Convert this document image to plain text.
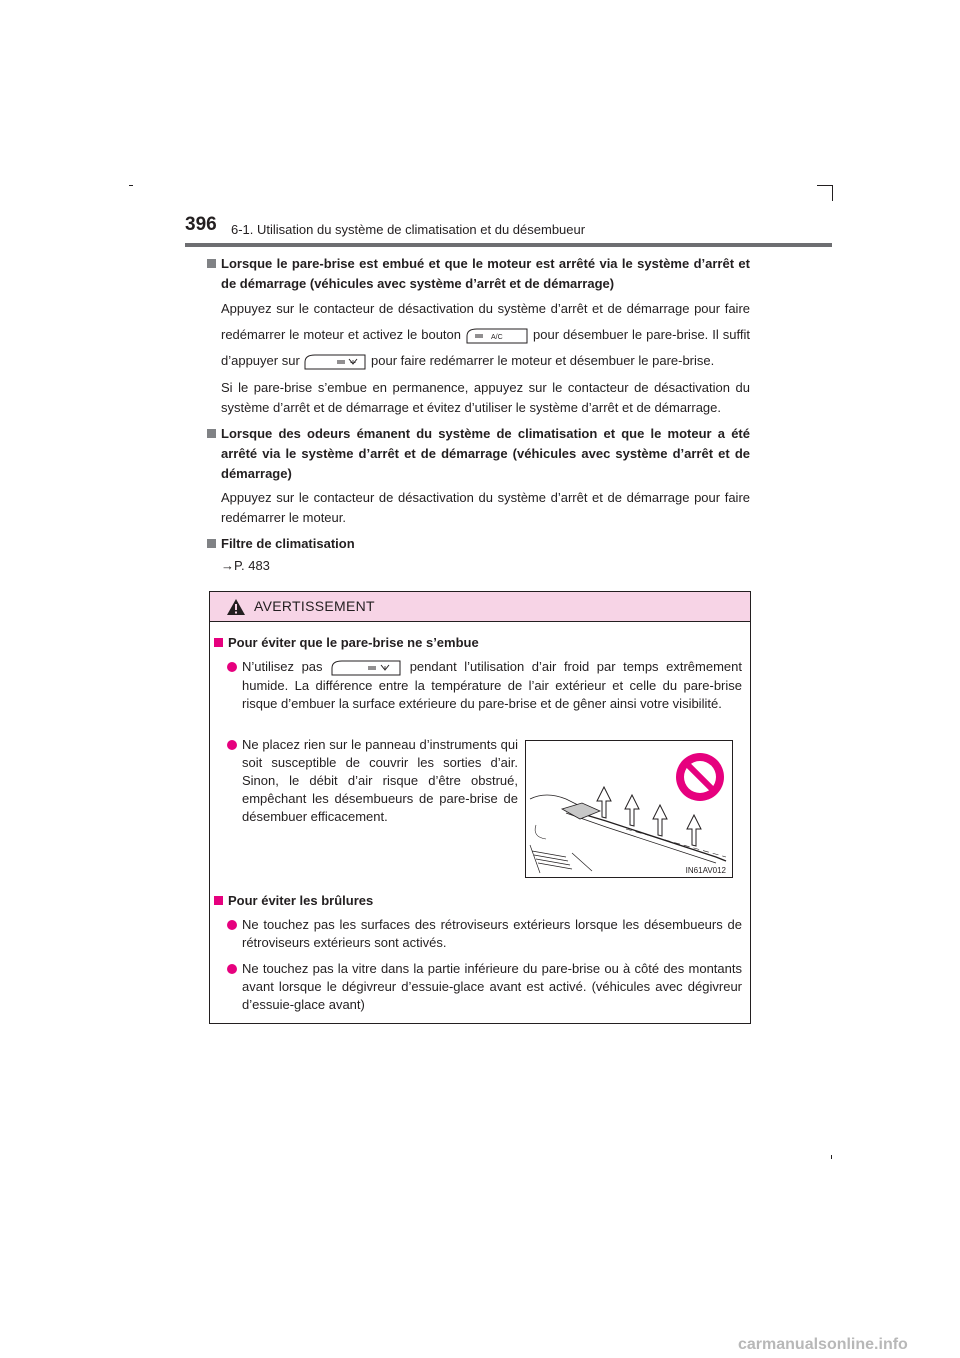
396 6-1. Utilisation du système de climatisation et du désembueur
Lorsque le pare-brise est embué et que le moteur est arrêté via le système d’arrêt et de démarrage (véhicules avec système d’arrêt et de démarrage)
Appuyez sur le contacteur de désactivation du système d’arrêt et de démarrage pour faire redémarrer le moteur et activez le bouton	A/C pour désembuer le pare-brise. Il suffit d’appuyer sur	pour faire redémarrer le moteur et désembuer le pare-brise.
Si le pare-brise s’embue en permanence, appuyez sur le contacteur de désactivation du système d’arrêt et de démarrage et évitez d’utiliser le système d’arrêt et de démarrage.
Lorsque des odeurs émanent du système de climatisation et que le moteur a été arrêté via le système d’arrêt et de démarrage (véhicules avec système d’arrêt et de démarrage)
Appuyez sur le contacteur de désactivation du système d’arrêt et de démarrage pour faire redémarrer le moteur.
Filtre de climatisation
→P. 483
AVERTISSEMENT
Pour éviter que le pare-brise ne s’embue
N’utilisez pas	pendant l’utilisation d’air froid par temps extrêmement humide. La différence entre la température de l’air extérieur et celle du pare-brise risque d’embuer la surface extérieure du pare-brise et de gêner ainsi votre visibilité.
Ne placez rien sur le panneau d’instruments qui soit susceptible de couvrir les sorties d’air. Sinon, le débit d’air risque d’être obstrué, empêchant les désembueurs de pare-brise de désembuer efficacement.
Pour éviter les brûlures
Ne touchez pas les surfaces des rétroviseurs extérieurs lorsque les désembueurs de rétroviseurs extérieurs sont activés.
Ne touchez pas la vitre dans la partie inférieure du pare-brise ou à côté des montants avant lorsque le dégivreur d’essuie-glace avant est activé. (véhicules avec dégivreur d’essuie-glace avant)
IN61AV012
carmanualsonline.info
